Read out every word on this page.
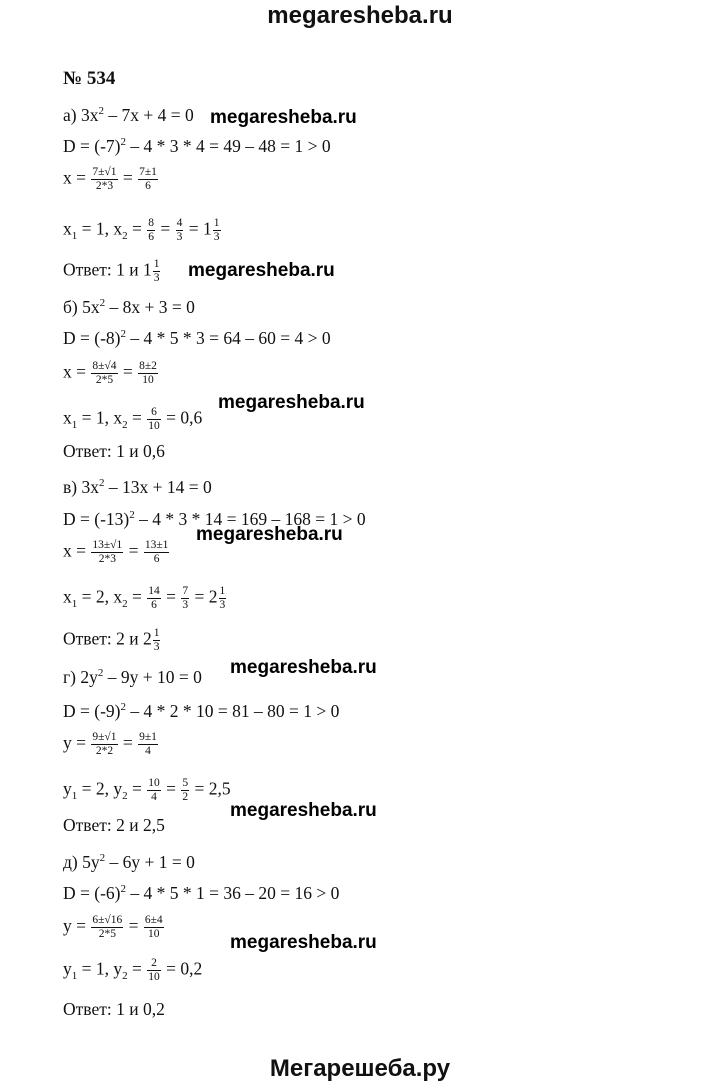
megaresheba.ru
№ 534
а) $3x^2 - 7x + 4 = 0$
$D = (-7)^2 - 4 * 3 * 4 = 49 - 48 = 1 > 0$
$x = \frac{7\pm√1}{2*3} = \frac{7\pm 1}{6}$
$x_1 = 1$, $x_2 = \frac{8}{6} = \frac{4}{3} = 1 \frac{1}{3}$
Ответ: 1 и $1 \frac{1}{3}$
б) $5x^2 - 8x + 3 = 0$
$D = (-8)^2 - 4 * 5 * 3 = 64 - 60 = 4 > 0$
$x = \frac{8\pm√4}{2*5} = \frac{8\pm 2}{10}$
$x_1 = 1$, $x_2 = \frac{6}{10} = 0,6$
Ответ: 1 и 0,6
в) $3x^2 - 13x + 14 = 0$
$D = (-13)^2 - 4 * 3 * 14 = 169 - 168 = 1 > 0$
$x = \frac{13\pm√1}{2*3} = \frac{13\pm 1}{6}$
$x_1 = 2$, $x_2 = \frac{14}{6} = \frac{7}{3} = 2 \frac{1}{3}$
Ответ: 2 и $2 \frac{1}{3}$
г) $2y^2 - 9y + 10 = 0$
$D = (-9)^2 - 4 * 2 * 10 = 81 - 80 = 1 > 0$
$y = \frac{9\pm√1}{2*2} = \frac{9\pm 1}{4}$
$y_1 = 2$, $y_2 = \frac{10}{4} = \frac{5}{2} = 2,5$
Ответ: 2 и 2,5
д) $5y^2 - 6y + 1 = 0$
$D = (-6)^2 - 4 * 5 * 1 = 36 - 20 = 16 > 0$
$y = \frac{6\pm√16}{2*5} = \frac{6\pm 4}{10}$
$y_1 = 1$, $y_2 = \frac{2}{10} = 0,2$
Ответ: 1 и 0,2
megaresheba.ru
megaresheba.ru
megaresheba.ru
megaresheba.ru
megaresheba.ru
megaresheba.ru
megaresheba.ru
Мегарешеба.ру
